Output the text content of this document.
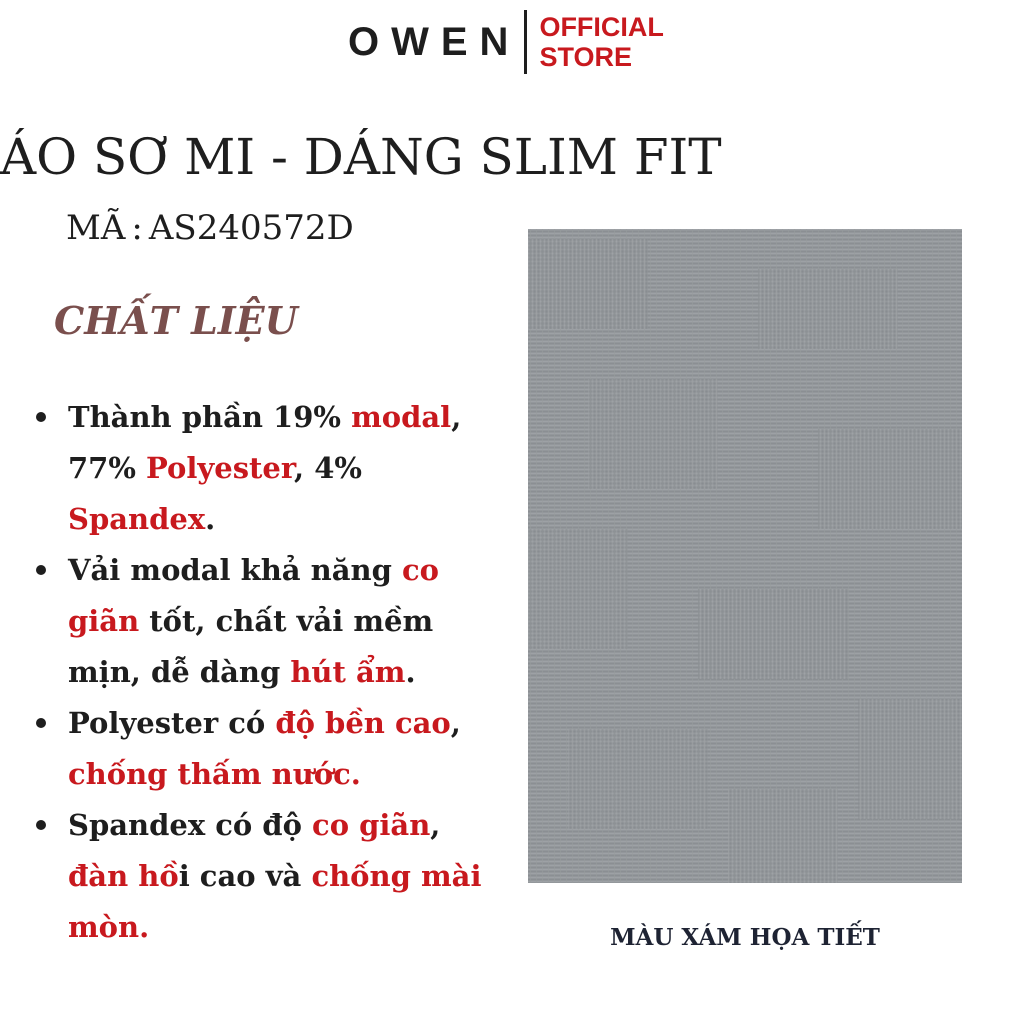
OWEN OFFICIAL
STORE
ÁO SƠ MI - DÁNG SLIM FIT

MÃ : AS240572D

CHẤT LIỆU
Thành phần 19% modal, 77% Polyester, 4% Spandex.
Vải modal khả năng co giãn tốt, chất vải mềm mịn, dễ dàng hút ẩm.
Polyester có độ bền cao, chống thấm nước.
Spandex có độ co giãn, đàn hồi cao và chống mài mòn.	MÀU XÁM HỌA TIẾT
